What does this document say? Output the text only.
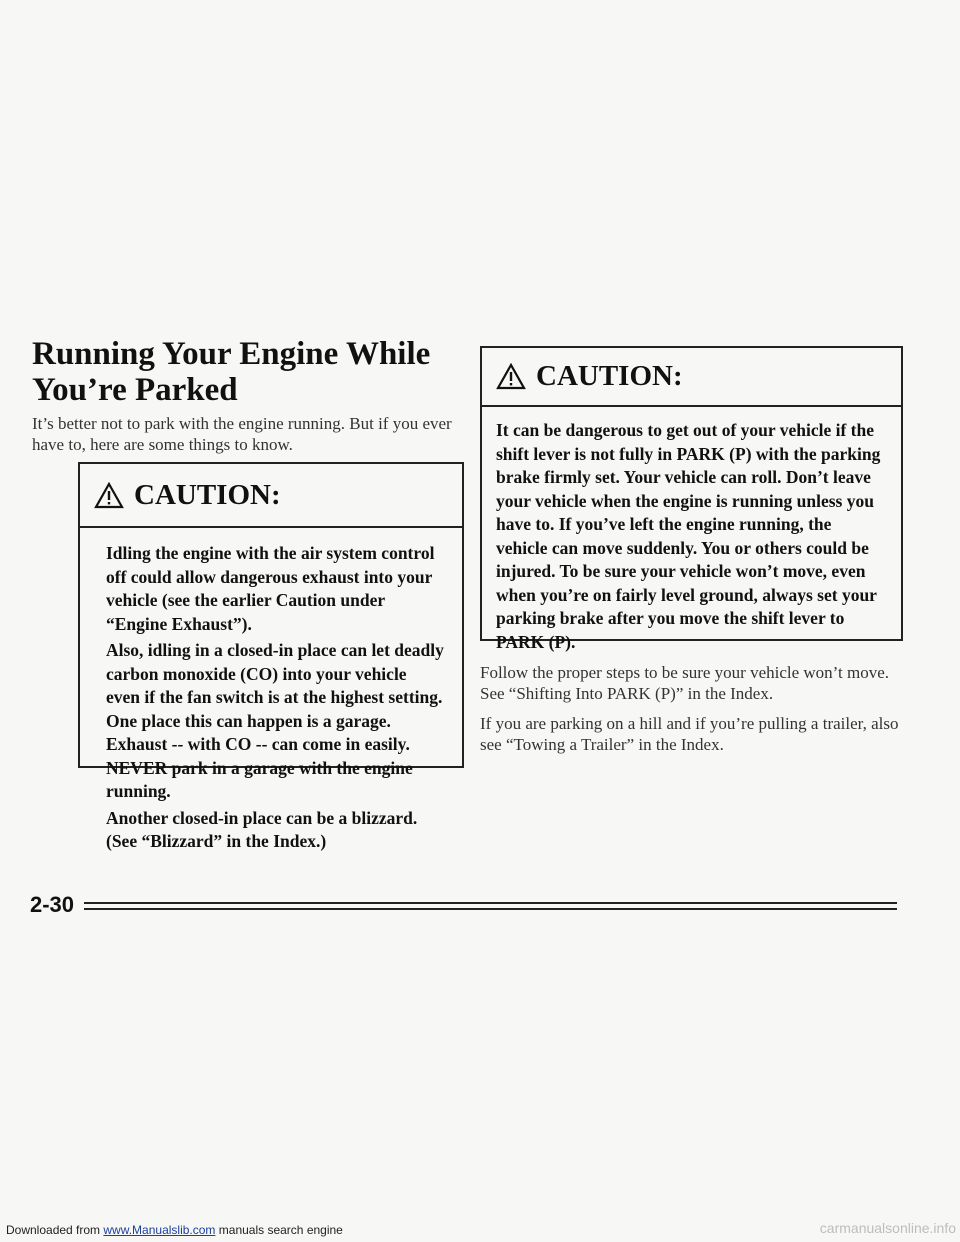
Running Your Engine While You’re Parked
It’s better not to park with the engine running. But if you ever have to, here are some things to know.
CAUTION:

Idling the engine with the air system control off could allow dangerous exhaust into your vehicle (see the earlier Caution under “Engine Exhaust”).

Also, idling in a closed-in place can let deadly carbon monoxide (CO) into your vehicle even if the fan switch is at the highest setting. One place this can happen is a garage. Exhaust -- with CO -- can come in easily. NEVER park in a garage with the engine running.

Another closed-in place can be a blizzard. (See “Blizzard” in the Index.)

CAUTION:

It can be dangerous to get out of your vehicle if the shift lever is not fully in PARK (P) with the parking brake firmly set. Your vehicle can roll. Don’t leave your vehicle when the engine is running unless you have to. If you’ve left the engine running, the vehicle can move suddenly. You or others could be injured. To be sure your vehicle won’t move, even when you’re on fairly level ground, always set your parking brake after you move the shift lever to PARK (P).

Follow the proper steps to be sure your vehicle won’t move. See “Shifting Into PARK (P)” in the Index.
If you are parking on a hill and if you’re pulling a trailer, also see “Towing a Trailer” in the Index.
2-30
Downloaded from www.Manualslib.com manuals search engine	carmanualsonline.info
